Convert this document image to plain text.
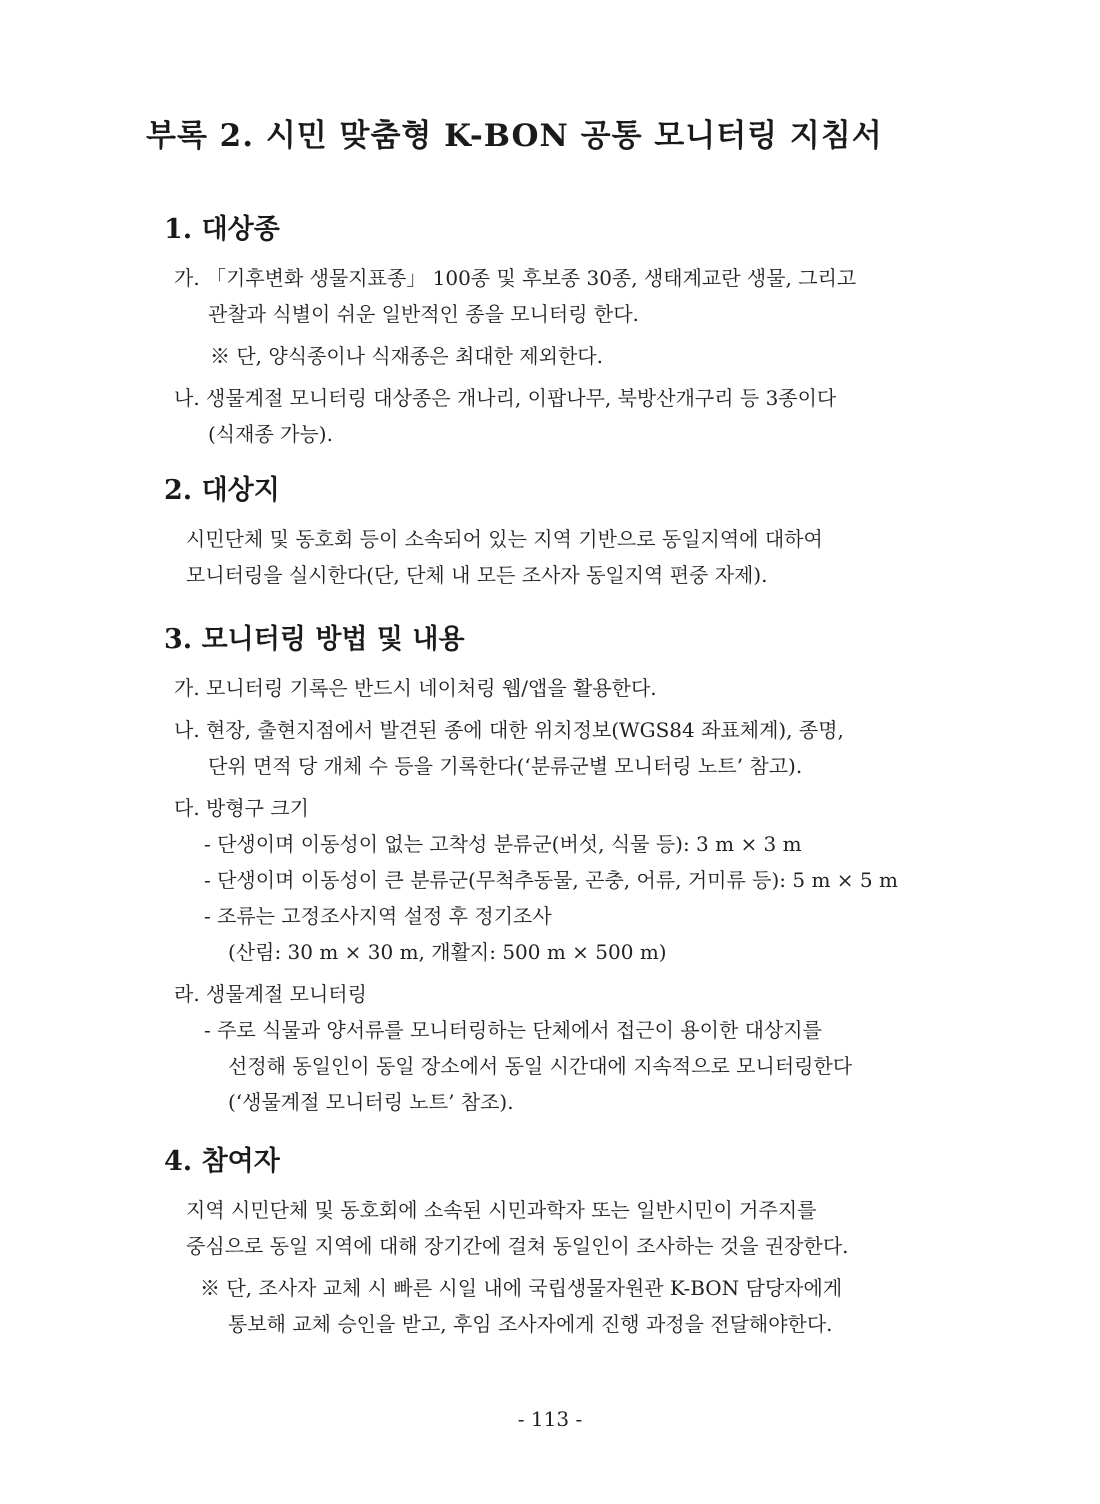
부록 2. 시민 맞춤형 K-BON 공통 모니터링 지침서
1. 대상종
가. 「기후변화 생물지표종」 100종 및 후보종 30종, 생태계교란 생물, 그리고
관찰과 식별이 쉬운 일반적인 종을 모니터링 한다.
※ 단, 양식종이나 식재종은 최대한 제외한다.
나. 생물계절 모니터링 대상종은 개나리, 이팝나무, 북방산개구리 등 3종이다
(식재종 가능).
2. 대상지
시민단체 및 동호회 등이 소속되어 있는 지역 기반으로 동일지역에 대하여
모니터링을 실시한다(단, 단체 내 모든 조사자 동일지역 편중 자제).
3. 모니터링 방법 및 내용
가. 모니터링 기록은 반드시 네이처링 웹/앱을 활용한다.
나. 현장, 출현지점에서 발견된 종에 대한 위치정보(WGS84 좌표체계), 종명,
단위 면적 당 개체 수 등을 기록한다(‘분류군별 모니터링 노트’ 참고).
다. 방형구 크기
- 단생이며 이동성이 없는 고착성 분류군(버섯, 식물 등): 3 m × 3 m
- 단생이며 이동성이 큰 분류군(무척추동물, 곤충, 어류, 거미류 등): 5 m × 5 m
- 조류는 고정조사지역 설정 후 정기조사
(산림: 30 m × 30 m, 개활지: 500 m × 500 m)
라. 생물계절 모니터링
- 주로 식물과 양서류를 모니터링하는 단체에서 접근이 용이한 대상지를
선정해 동일인이 동일 장소에서 동일 시간대에 지속적으로 모니터링한다
(‘생물계절 모니터링 노트’ 참조).
4. 참여자
지역 시민단체 및 동호회에 소속된 시민과학자 또는 일반시민이 거주지를
중심으로 동일 지역에 대해 장기간에 걸쳐 동일인이 조사하는 것을 권장한다.
※ 단, 조사자 교체 시 빠른 시일 내에 국립생물자원관 K-BON 담당자에게
통보해 교체 승인을 받고, 후임 조사자에게 진행 과정을 전달해야한다.
- 113 -
